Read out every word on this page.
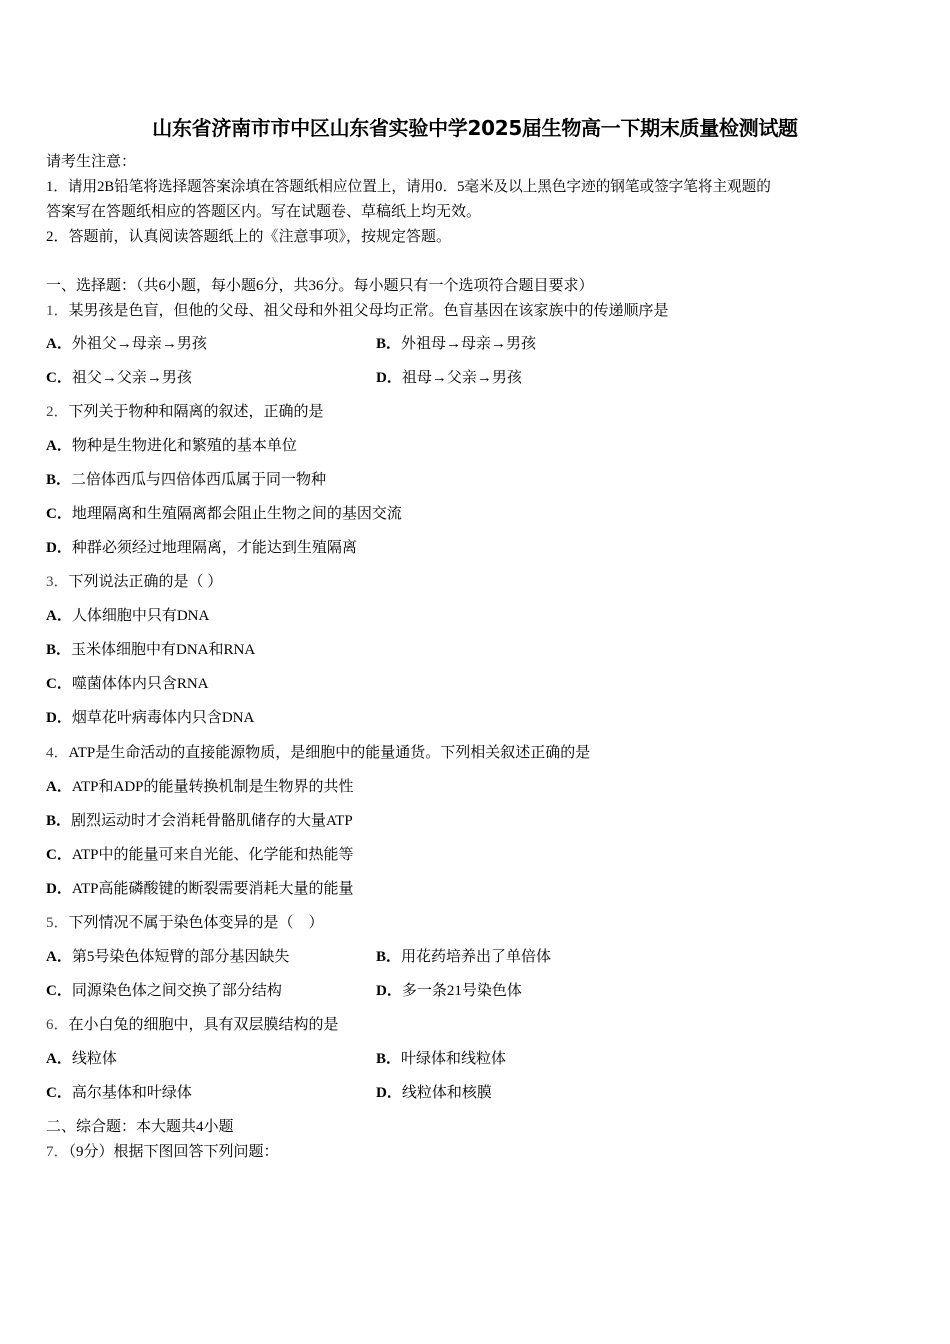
山东省济南市市中区山东省实验中学2025届生物高一下期末质量检测试题
请考生注意：
1．请用2B铅笔将选择题答案涂填在答题纸相应位置上，请用0．5毫米及以上黑色字迹的钢笔或签字笔将主观题的
答案写在答题纸相应的答题区内。写在试题卷、草稿纸上均无效。
2．答题前，认真阅读答题纸上的《注意事项》，按规定答题。
一、选择题：（共6小题，每小题6分，共36分。每小题只有一个选项符合题目要求）
1．某男孩是色盲，但他的父母、祖父母和外祖父母均正常。色盲基因在该家族中的传递顺序是
A．外祖父→母亲→男孩	B．外祖母→母亲→男孩
C．祖父→父亲→男孩	D．祖母→父亲→男孩
2．下列关于物种和隔离的叙述，正确的是
A．物种是生物进化和繁殖的基本单位
B．二倍体西瓜与四倍体西瓜属于同一物种
C．地理隔离和生殖隔离都会阻止生物之间的基因交流
D．种群必须经过地理隔离，才能达到生殖隔离
3．下列说法正确的是（ ）
A．人体细胞中只有DNA
B．玉米体细胞中有DNA和RNA
C．噬菌体体内只含RNA
D．烟草花叶病毒体内只含DNA
4．ATP是生命活动的直接能源物质，是细胞中的能量通货。下列相关叙述正确的是
A．ATP和ADP的能量转换机制是生物界的共性
B．剧烈运动时才会消耗骨骼肌储存的大量ATP
C．ATP中的能量可来自光能、化学能和热能等
D．ATP高能磷酸键的断裂需要消耗大量的能量
5．下列情况不属于染色体变异的是（　）
A．第5号染色体短臂的部分基因缺失	B．用花药培养出了单倍体
C．同源染色体之间交换了部分结构	D．多一条21号染色体
6．在小白兔的细胞中，具有双层膜结构的是
A．线粒体	B．叶绿体和线粒体
C．高尔基体和叶绿体	D．线粒体和核膜
二、综合题：本大题共4小题
7．（9分）根据下图回答下列问题：
